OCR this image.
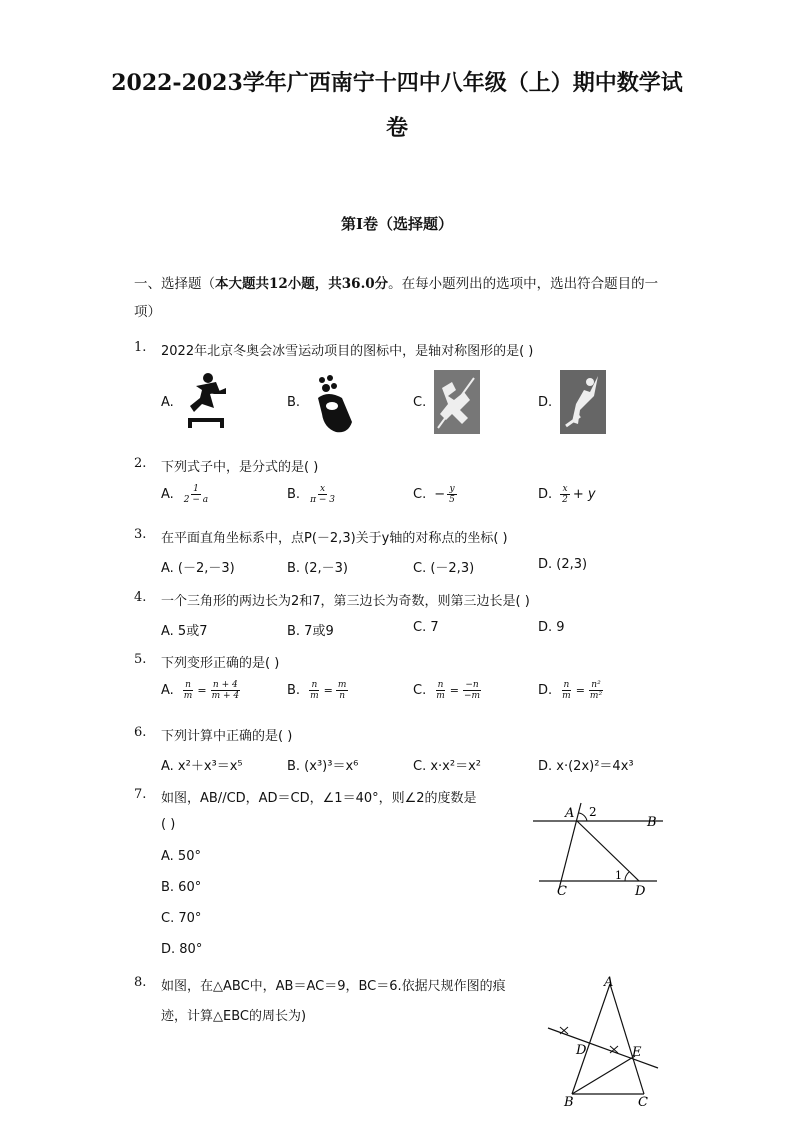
2022-2023学年广西南宁十四中八年级（上）期中数学试
卷
第I卷（选择题）
一、选择题（本大题共12小题，共36.0分。在每小题列出的选项中，选出符合题目的一项）
1. 2022年北京冬奥会冰雪运动项目的图标中，是轴对称图形的是( )
A.	B.	C.	D.
2. 下列式子中，是分式的是( )
A. $\frac{1}{2 - a}$	B. $\frac{x}{\pi - 3}$	C. − $\frac{y}{5}$	D. $\frac{x}{2} + y$
3. 在平面直角坐标系中，点P(－2,3)关于y轴的对称点的坐标( )
A. (－2,－3)	B. (2,－3)	C. (－2,3)	D. (2,3)
4. 一个三角形的两边长为2和7，第三边长为奇数，则第三边长是( )
A. 5或7	B. 7或9	C. 7	D. 9
5. 下列变形正确的是( )
A. $\frac{n}{m} = \frac{n + 4}{m + 4}$	B. $\frac{n}{m} = \frac{m}{n}$	C. $\frac{n}{m} = \frac{-n}{-m}$	D. $\frac{n}{m} = \frac{\text{n²}}{\text{m²}}$
6. 下列计算中正确的是( )
A. x²＋x³＝x⁵	B. (x³)³＝x⁶	C. x·x²＝x²	D. x·(2x)²＝4x³
7. 如图，AB//CD，AD＝CD，∠1＝40°，则∠2的度数是
( )
A. 50°
B. 60°
C. 70°
D. 80°
A 2
B
C
1
D
8. 如图，在△ABC中，AB＝AC＝9，BC＝6.依据尺规作图的痕
迹，计算△EBC的周长为)
A
D	E
B	C
